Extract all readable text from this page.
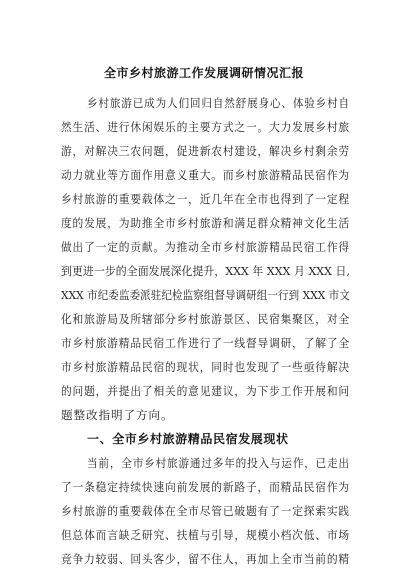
全市乡村旅游工作发展调研情况汇报
乡村旅游已成为人们回归自然舒展身心、体验乡村自
然生活、进行休闲娱乐的主要方式之一。大力发展乡村旅
游，对解决三农问题，促进新农村建设，解决乡村剩余劳
动力就业等方面作用意义重大。而乡村旅游精品民宿作为
乡村旅游的重要载体之一，近几年在全市也得到了一定程
度的发展，为助推全市乡村旅游和满足群众精神文化生活
做出了一定的贡献。为推动全市乡村旅游精品民宿工作得
到更进一步的全面发展深化提升，XXX 年 XXX 月 XXX 日,
XXX 市纪委监委派驻纪检监察组督导调研组一行到 XXX 市文
化和旅游局及所辖部分乡村旅游景区、民宿集聚区，对全
市乡村旅游精品民宿工作进行了一线督导调研，了解了全
市乡村旅游精品民宿的现状，同时也发现了一些亟待解决
的问题，并提出了相关的意见建议，为下步工作开展和问
题整改指明了方向。
一、全市乡村旅游精品民宿发展现状
当前，全市乡村旅游通过多年的投入与运作，已走出
了一条稳定持续快速向前发展的新路子，而精品民宿作为
乡村旅游的重要载体在全市尽管已破题有了一定探索实践
但总体而言缺乏研究、扶植与引导，规模小档次低、市场
竞争力较弱、回头客少，留不住人，再加上全市当前的精
